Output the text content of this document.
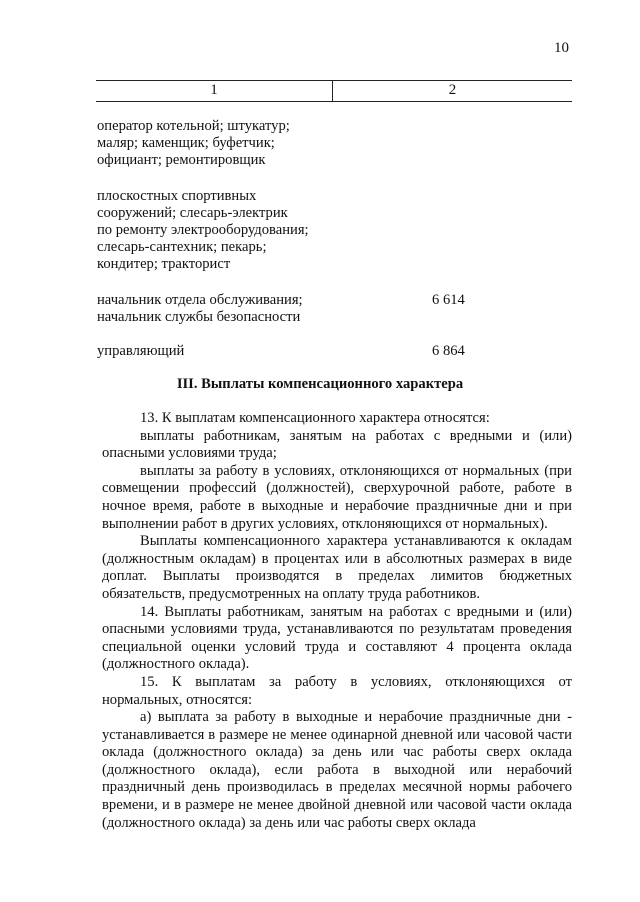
10
1	2
оператор котельной; штукатур;
маляр; каменщик; буфетчик;
официант; ремонтировщик
плоскостных спортивных
сооружений; слесарь-электрик
по ремонту электрооборудования;
слесарь-сантехник; пекарь;
кондитер; тракторист
начальник отдела обслуживания;
начальник службы безопасности
6 614
управляющий	6 864
III. Выплаты компенсационного характера

13. К выплатам компенсационного характера относятся:

выплаты работникам, занятым на работах с вредными и (или) опасными условиями труда;

выплаты за работу в условиях, отклоняющихся от нормальных (при совмещении профессий (должностей), сверхурочной работе, работе в ночное время, работе в выходные и нерабочие праздничные дни и при выполнении работ в других условиях, отклоняющихся от нормальных).

Выплаты компенсационного характера устанавливаются к окладам (должностным окладам) в процентах или в абсолютных размерах в виде доплат. Выплаты производятся в пределах лимитов бюджетных обязательств, предусмотренных на оплату труда работников.

14. Выплаты работникам, занятым на работах с вредными и (или) опасными условиями труда, устанавливаются по результатам проведения специальной оценки условий труда и составляют 4 процента оклада (должностного оклада).

15. К выплатам за работу в условиях, отклоняющихся от нормальных, относятся:

а) выплата за работу в выходные и нерабочие праздничные дни - устанавливается в размере не менее одинарной дневной или часовой части оклада (должностного оклада) за день или час работы сверх оклада (должностного оклада), если работа в выходной или нерабочий праздничный день производилась в пределах месячной нормы рабочего времени, и в размере не менее двойной дневной или часовой части оклада (должностного оклада) за день или час работы сверх оклада
